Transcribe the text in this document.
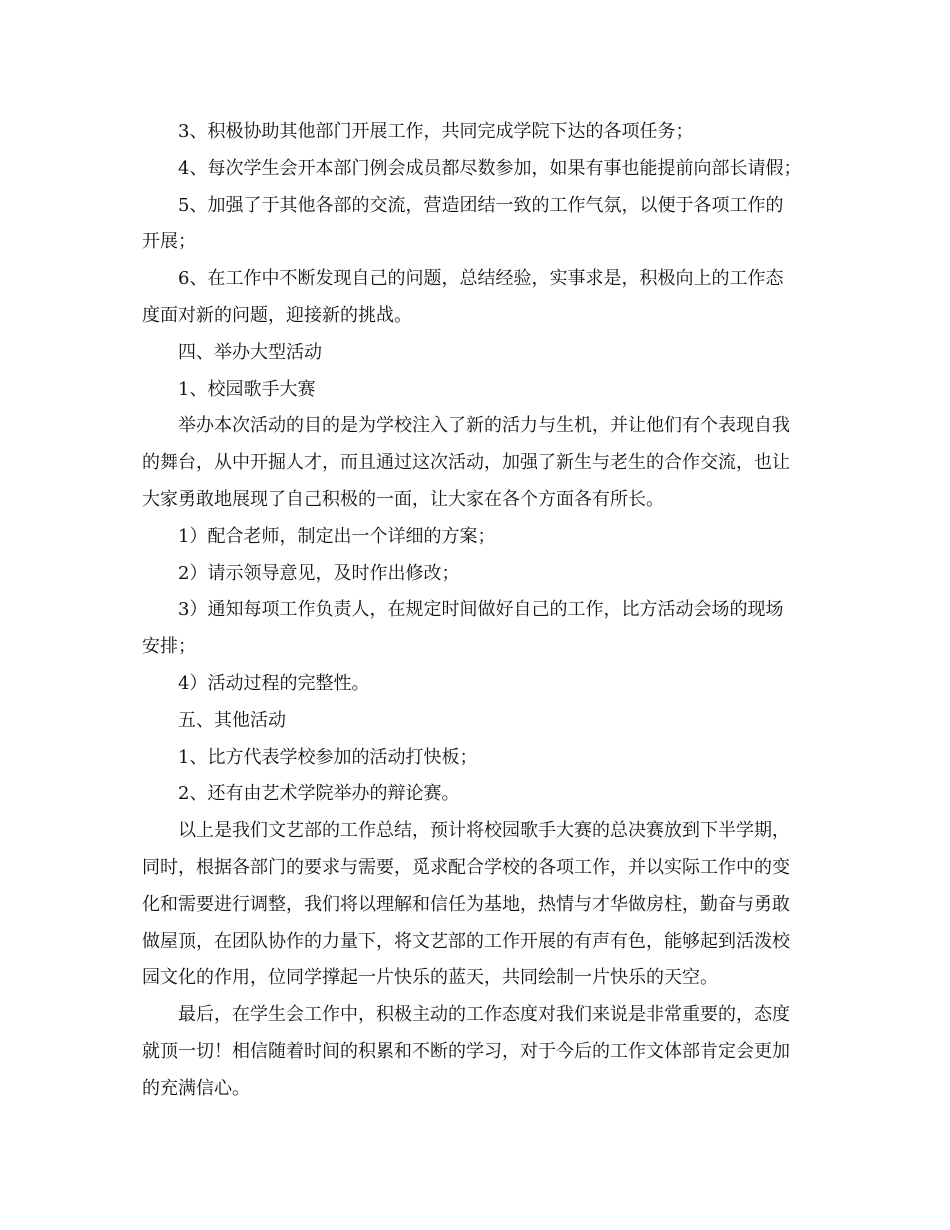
3、积极协助其他部门开展工作，共同完成学院下达的各项任务；
4、每次学生会开本部门例会成员都尽数参加，如果有事也能提前向部长请假；
5、加强了于其他各部的交流，营造团结一致的工作气氛，以便于各项工作的
开展；
6、在工作中不断发现自己的问题，总结经验，实事求是，积极向上的工作态
度面对新的问题，迎接新的挑战。
四、举办大型活动
1、校园歌手大赛
举办本次活动的目的是为学校注入了新的活力与生机，并让他们有个表现自我
的舞台，从中开掘人才，而且通过这次活动，加强了新生与老生的合作交流，也让
大家勇敢地展现了自己积极的一面，让大家在各个方面各有所长。
1）配合老师，制定出一个详细的方案；
2）请示领导意见，及时作出修改；
3）通知每项工作负责人，在规定时间做好自己的工作，比方活动会场的现场
安排；
4）活动过程的完整性。
五、其他活动
1、比方代表学校参加的活动打快板；
2、还有由艺术学院举办的辩论赛。
以上是我们文艺部的工作总结，预计将校园歌手大赛的总决赛放到下半学期，
同时，根据各部门的要求与需要，觅求配合学校的各项工作，并以实际工作中的变
化和需要进行调整，我们将以理解和信任为基地，热情与才华做房柱，勤奋与勇敢
做屋顶，在团队协作的力量下，将文艺部的工作开展的有声有色，能够起到活泼校
园文化的作用，位同学撑起一片快乐的蓝天，共同绘制一片快乐的天空。
最后，在学生会工作中，积极主动的工作态度对我们来说是非常重要的，态度
就顶一切！相信随着时间的积累和不断的学习，对于今后的工作文体部肯定会更加
的充满信心。
